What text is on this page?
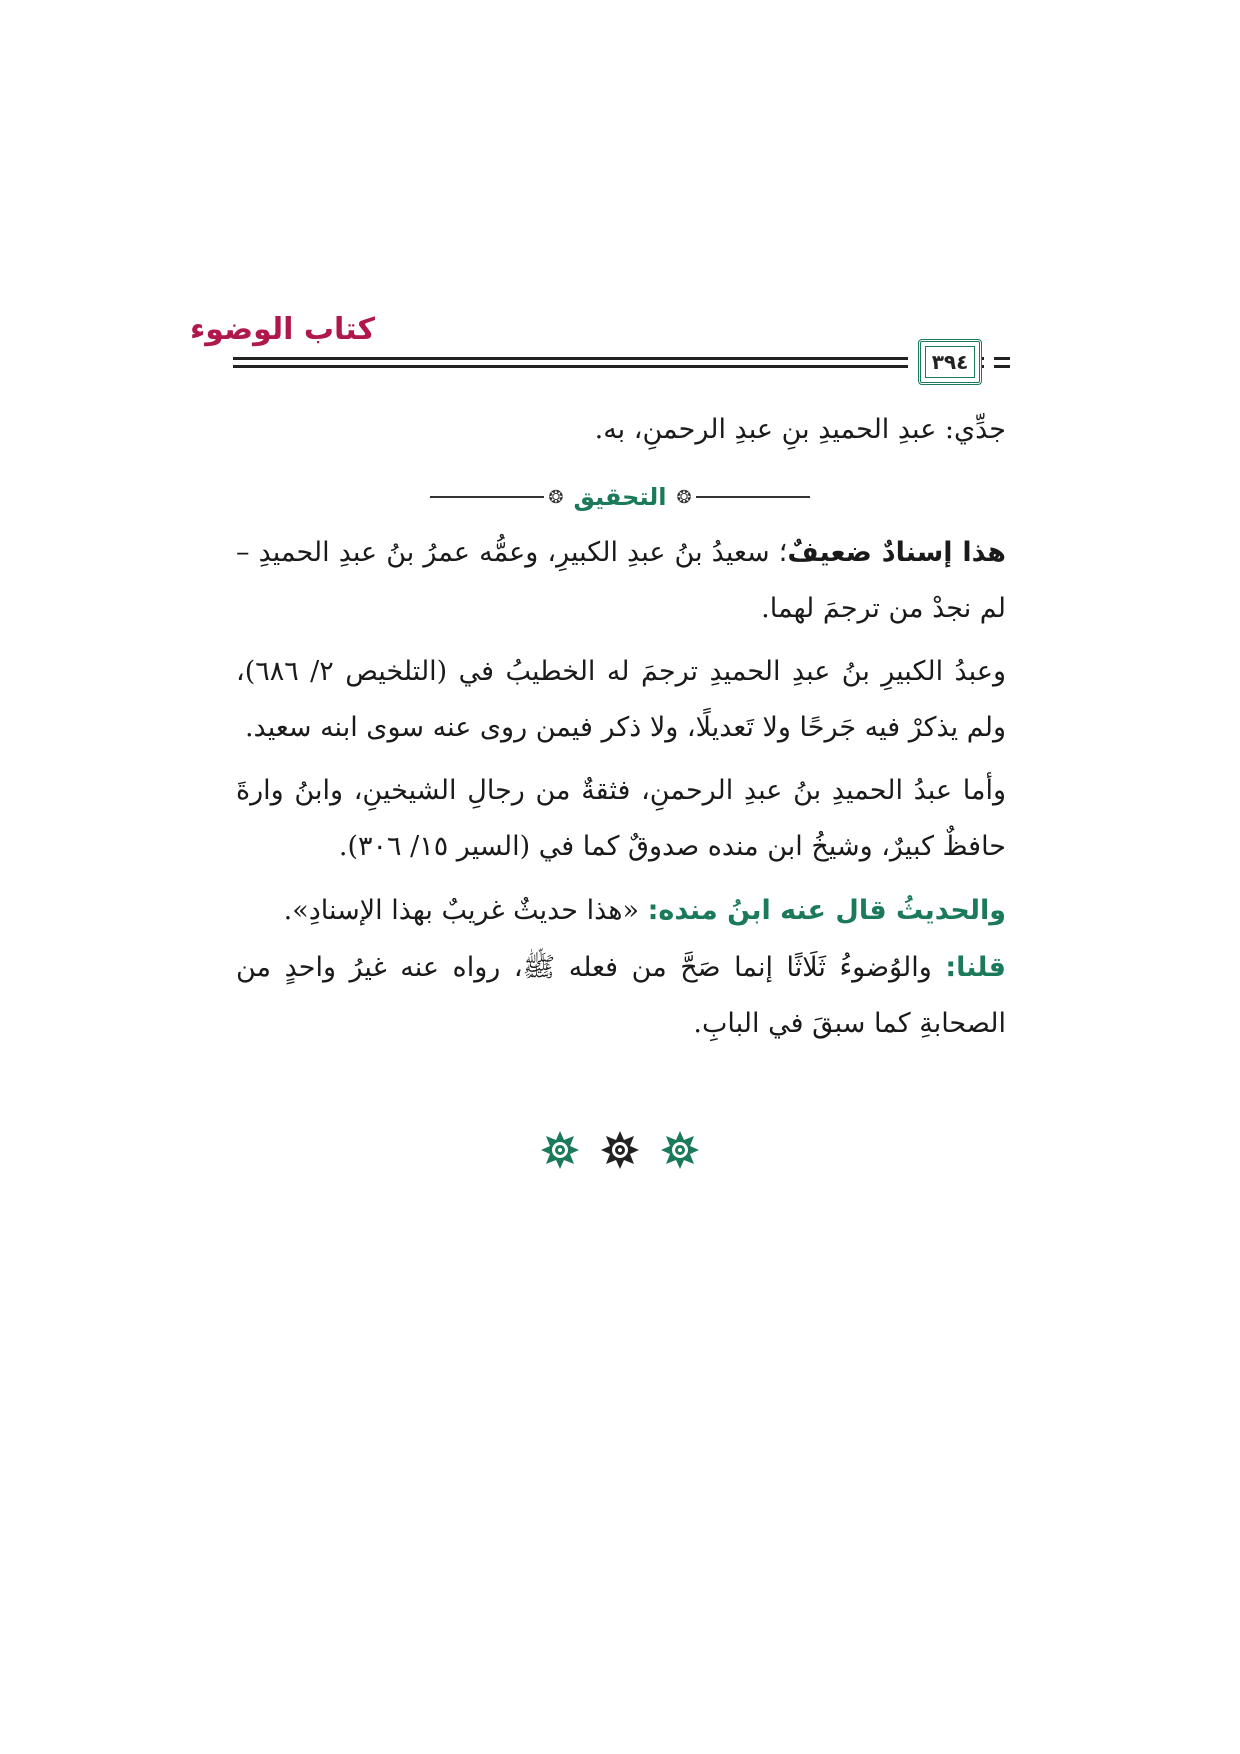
كتاب الوضوء
٣٩٤
جدِّي: عبدِ الحميدِ بنِ عبدِ الرحمنِ، به.
❂
التحقيق
❂
هذا إسنادٌ ضعيفٌ؛ سعيدُ بنُ عبدِ الكبيرِ، وعمُّه عمرُ بنُ عبدِ الحميدِ – لم نجدْ من ترجمَ لهما.
وعبدُ الكبيرِ بنُ عبدِ الحميدِ ترجمَ له الخطيبُ في (التلخيص ٢/ ٦٨٦)، ولم يذكرْ فيه جَرحًا ولا تَعديلًا، ولا ذكر فيمن روى عنه سوى ابنه سعيد.
وأما عبدُ الحميدِ بنُ عبدِ الرحمنِ، فثقةٌ من رجالِ الشيخينِ، وابنُ وارةَ حافظٌ كبيرٌ، وشيخُ ابن منده صدوقٌ كما في (السير ١٥/ ٣٠٦).
والحديثُ قال عنه ابنُ منده: «هذا حديثٌ غريبٌ بهذا الإسنادِ».
قلنا: والوُضوءُ ثَلَاثًا إنما صَحَّ من فعله ﷺ، رواه عنه غيرُ واحدٍ من الصحابةِ كما سبقَ في البابِ.
